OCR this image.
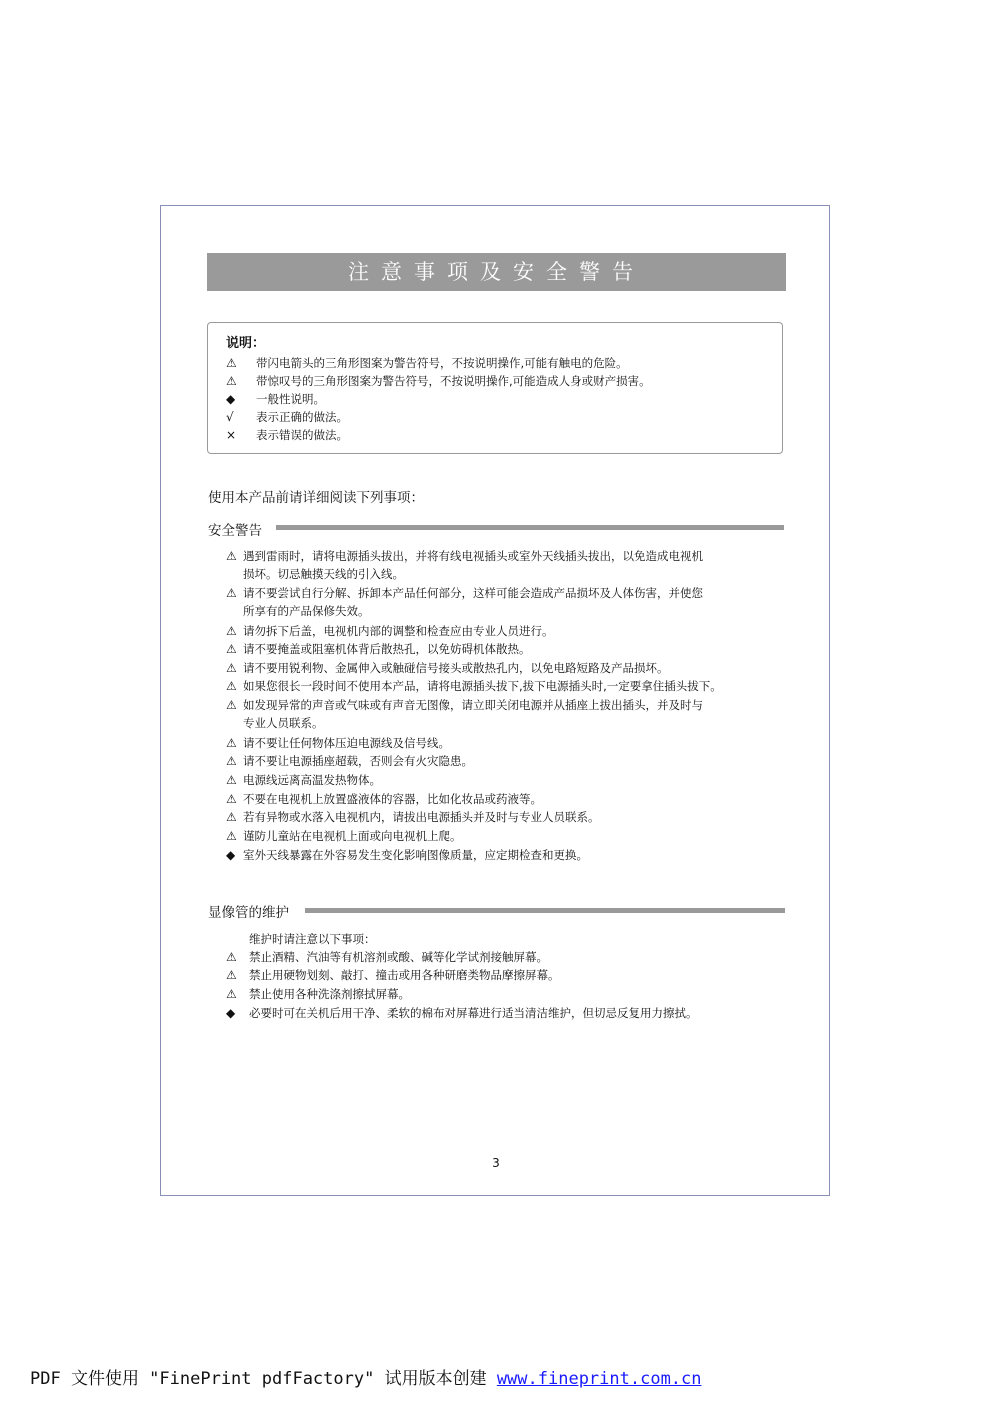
注意事项及安全警告
说明：
⚠ 带闪电箭头的三角形图案为警告符号，不按说明操作,可能有触电的危险。
⚠ 带惊叹号的三角形图案为警告符号，不按说明操作,可能造成人身或财产损害。
◆ 一般性说明。
√ 表示正确的做法。
× 表示错误的做法。
使用本产品前请详细阅读下列事项：
安全警告
⚠ 遇到雷雨时，请将电源插头拔出，并将有线电视插头或室外天线插头拔出，以免造成电视机
损坏。切忌触摸天线的引入线。
⚠ 请不要尝试自行分解、拆卸本产品任何部分，这样可能会造成产品损坏及人体伤害，并使您
所享有的产品保修失效。
⚠ 请勿拆下后盖，电视机内部的调整和检查应由专业人员进行。
⚠ 请不要掩盖或阻塞机体背后散热孔，以免妨碍机体散热。
⚠ 请不要用锐利物、金属伸入或触碰信号接头或散热孔内，以免电路短路及产品损坏。
⚠ 如果您很长一段时间不使用本产品，请将电源插头拔下,拔下电源插头时,一定要拿住插头拔下。
⚠ 如发现异常的声音或气味或有声音无图像，请立即关闭电源并从插座上拔出插头，并及时与
专业人员联系。
⚠ 请不要让任何物体压迫电源线及信号线。
⚠ 请不要让电源插座超载，否则会有火灾隐患。
⚠ 电源线远离高温发热物体。
⚠ 不要在电视机上放置盛液体的容器，比如化妆品或药液等。
⚠ 若有异物或水落入电视机内，请拔出电源插头并及时与专业人员联系。
⚠ 谨防儿童站在电视机上面或向电视机上爬。
◆ 室外天线暴露在外容易发生变化影响图像质量，应定期检查和更换。
显像管的维护
维护时请注意以下事项：
⚠ 禁止酒精、汽油等有机溶剂或酸、碱等化学试剂接触屏幕。
⚠ 禁止用硬物划刻、敲打、撞击或用各种研磨类物品摩擦屏幕。
⚠ 禁止使用各种洗涤剂擦拭屏幕。
◆ 必要时可在关机后用干净、柔软的棉布对屏幕进行适当清洁维护，但切忌反复用力擦拭。
3
PDF 文件使用 "FinePrint pdfFactory" 试用版本创建 www.fineprint.com.cn
